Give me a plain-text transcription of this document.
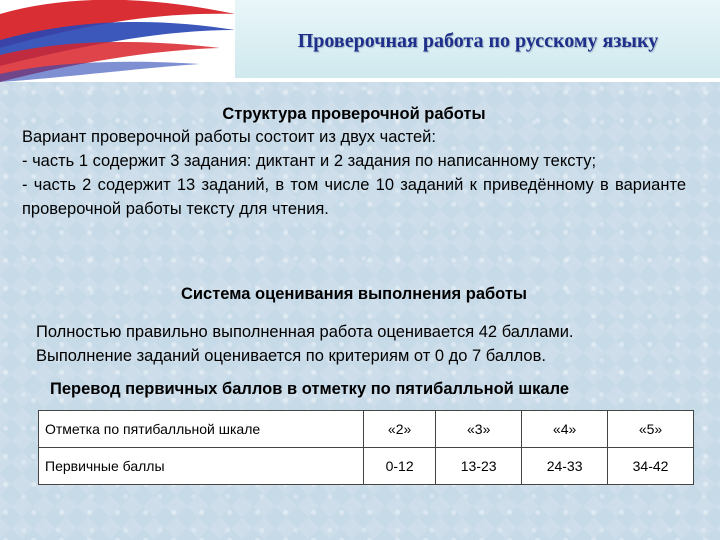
Проверочная работа по русскому языку
Структура проверочной работы

Вариант проверочной работы состоит из двух частей:

- часть 1 содержит 3 задания: диктант и 2 задания по написанному тексту;

- часть 2 содержит 13 заданий, в том числе 10 заданий к приведённому в варианте проверочной работы тексту для чтения.

Система оценивания выполнения работы

Полностью правильно выполненная работа оценивается 42 баллами.

Выполнение заданий оценивается по критериям от 0 до 7 баллов.

Перевод первичных баллов в отметку по пятибалльной шкале
Отметка по пятибалльной шкале	«2»	«3»	«4»	«5»
Первичные баллы	0-12	13-23	24-33	34-42
